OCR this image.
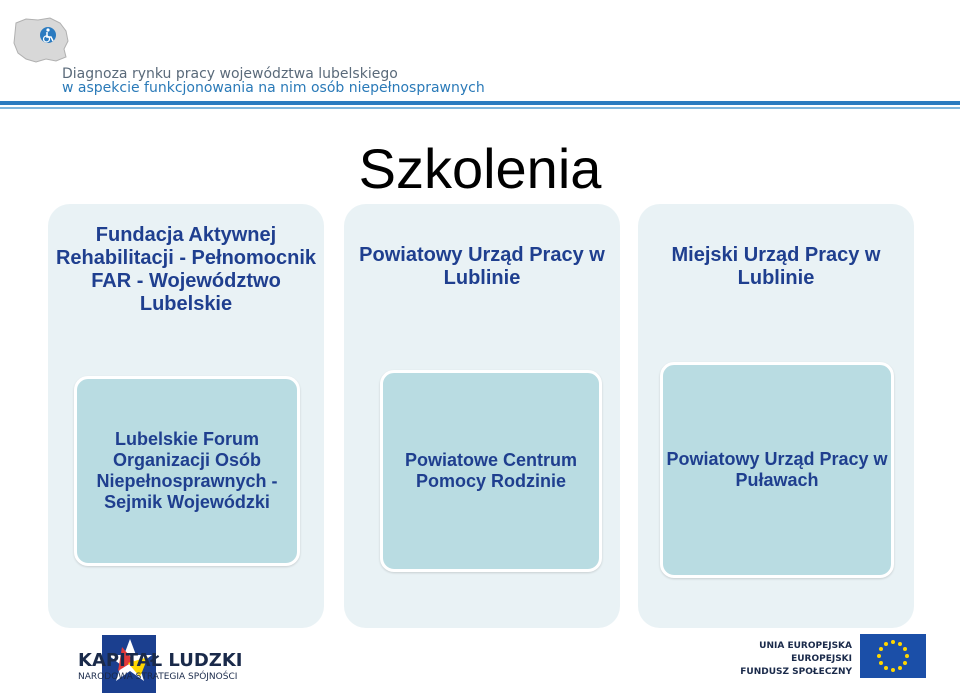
Diagnoza rynku pracy województwa lubelskiego
w aspekcie funkcjonowania na nim osób niepełnosprawnych
Szkolenia
Fundacja Aktywnej Rehabilitacji - Pełnomocnik FAR - Województwo Lubelskie
Lubelskie Forum Organizacji Osób Niepełnosprawnych - Sejmik Wojewódzki
Powiatowy Urząd Pracy w Lublinie
Powiatowe Centrum Pomocy Rodzinie
Miejski Urząd Pracy w Lublinie
Powiatowy Urząd Pracy w Puławach
KAPITAŁ LUDZKI
NARODOWA STRATEGIA SPÓJNOŚCI
UNIA EUROPEJSKA
EUROPEJSKI
FUNDUSZ SPOŁECZNY
